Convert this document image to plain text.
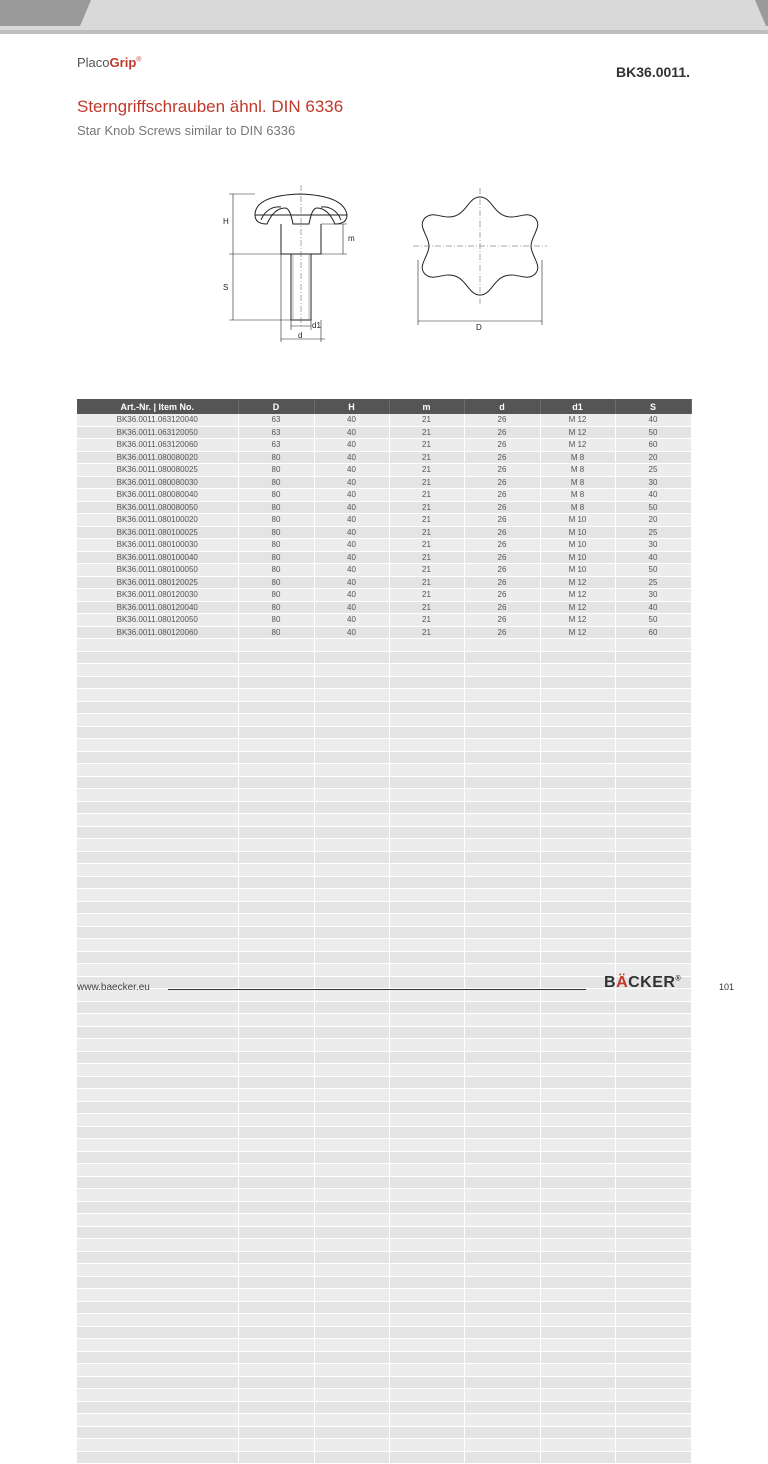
PlacoGrip®
BK36.0011.
Sterngriffschrauben ähnl. DIN 6336
Star Knob Screws similar to DIN 6336
H
S
m
d1
d
D
Art.-Nr. | Item No.	D	H	m	d	d1	S
BK36.0011.063120040	63	40	21	26	M 12	40
BK36.0011.063120050	63	40	21	26	M 12	50
BK36.0011.063120060	63	40	21	26	M 12	60
BK36.0011.080080020	80	40	21	26	M 8	20
BK36.0011.080080025	80	40	21	26	M 8	25
BK36.0011.080080030	80	40	21	26	M 8	30
BK36.0011.080080040	80	40	21	26	M 8	40
BK36.0011.080080050	80	40	21	26	M 8	50
BK36.0011.080100020	80	40	21	26	M 10	20
BK36.0011.080100025	80	40	21	26	M 10	25
BK36.0011.080100030	80	40	21	26	M 10	30
BK36.0011.080100040	80	40	21	26	M 10	40
BK36.0011.080100050	80	40	21	26	M 10	50
BK36.0011.080120025	80	40	21	26	M 12	25
BK36.0011.080120030	80	40	21	26	M 12	30
BK36.0011.080120040	80	40	21	26	M 12	40
BK36.0011.080120050	80	40	21	26	M 12	50
BK36.0011.080120060	80	40	21	26	M 12	60

www.baecker.eu	BÄCKER®
101
